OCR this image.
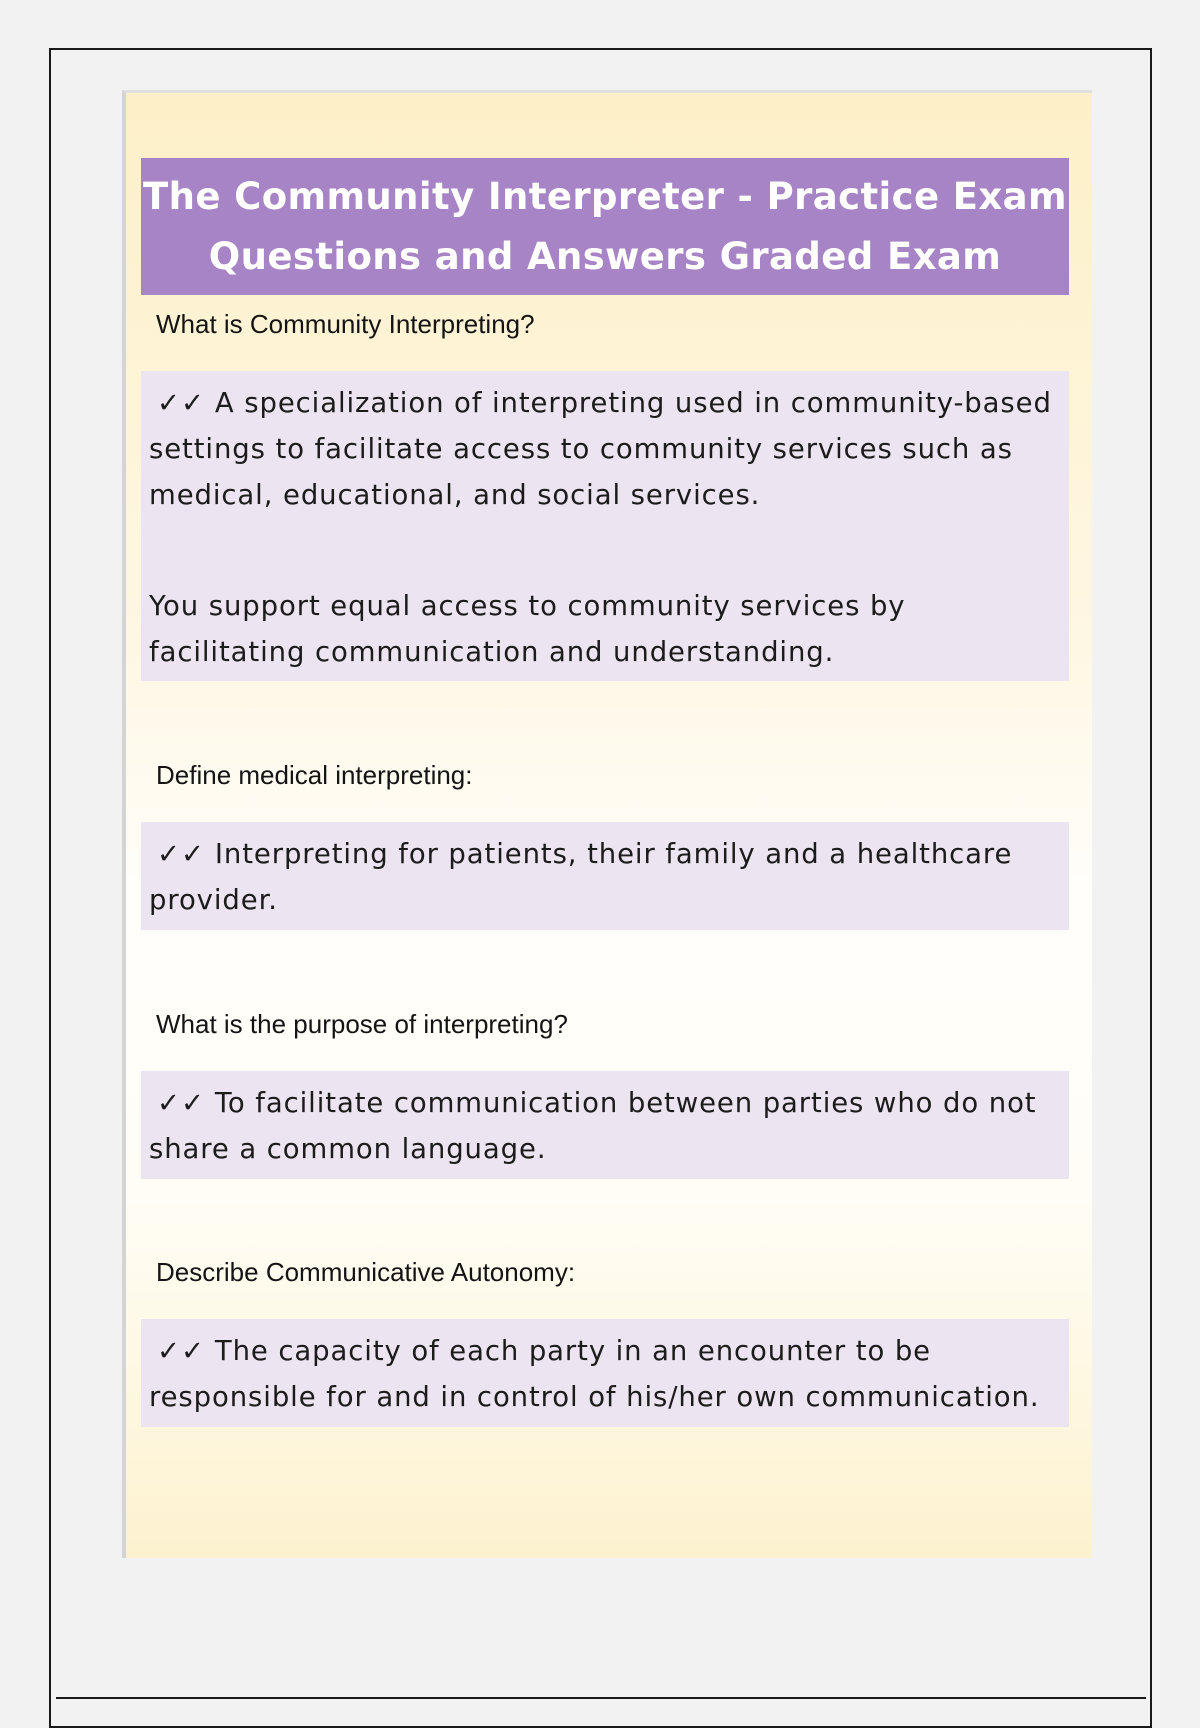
The Community Interpreter - Practice Exam
Questions and Answers Graded Exam
What is Community Interpreting?

✓✓ A specialization of interpreting used in community-based settings to facilitate access to community services such as medical, educational, and social services.

You support equal access to community services by facilitating communication and understanding.

Define medical interpreting:

✓✓ Interpreting for patients, their family and a healthcare provider.

What is the purpose of interpreting?

✓✓ To facilitate communication between parties who do not share a common language.

Describe Communicative Autonomy:

✓✓ The capacity of each party in an encounter to be responsible for and in control of his/her own communication.
